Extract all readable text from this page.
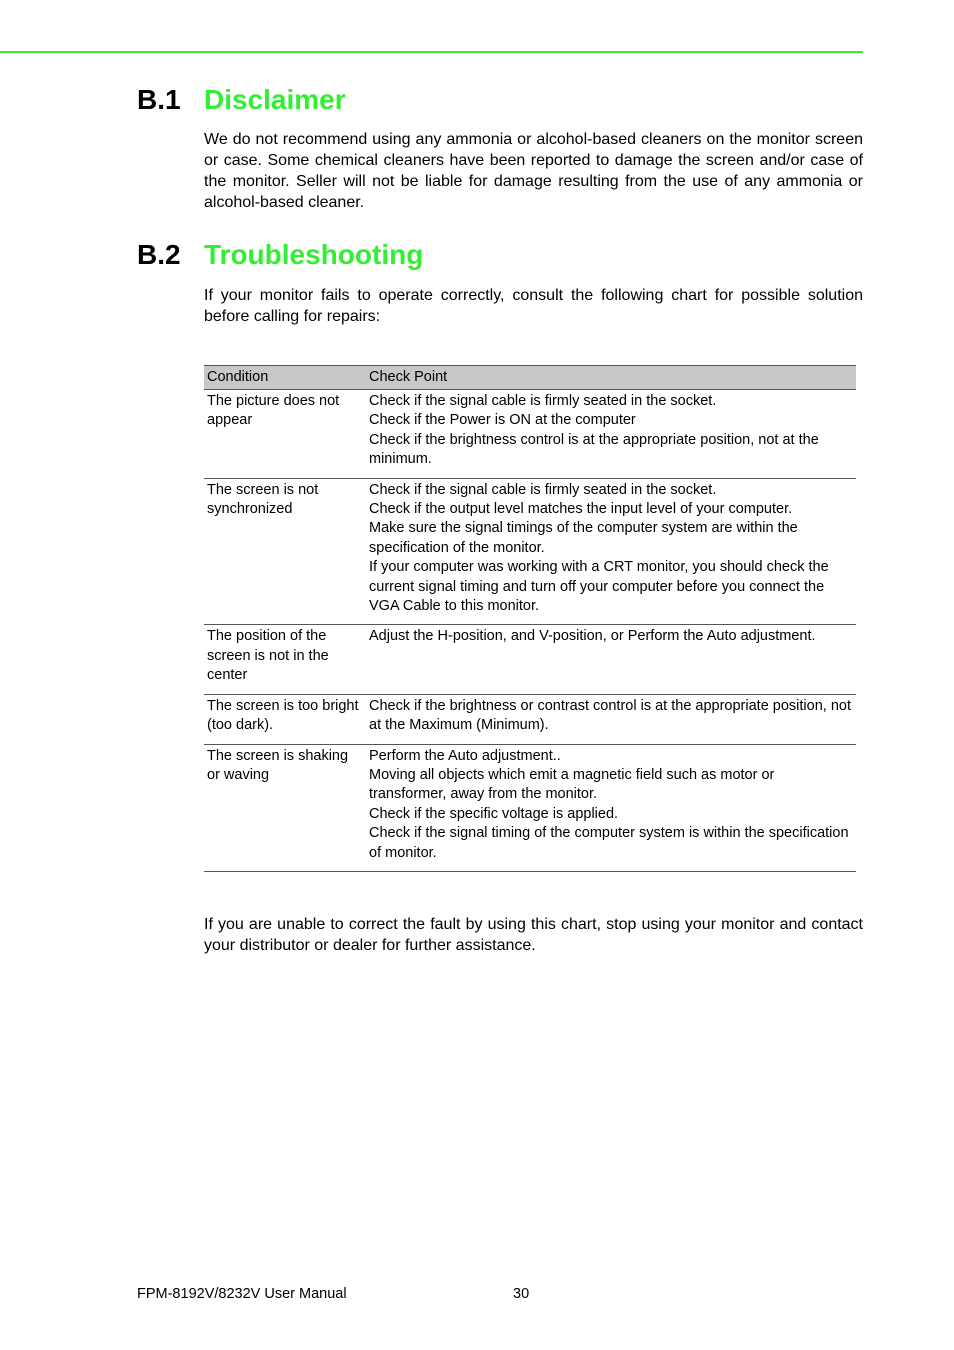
B.1 Disclaimer

We do not recommend using any ammonia or alcohol-based cleaners on the monitor screen or case. Some chemical cleaners have been reported to damage the screen and/or case of the monitor. Seller will not be liable for damage resulting from the use of any ammonia or alcohol-based cleaner.

B.2 Troubleshooting

If your monitor fails to operate correctly, consult the following chart for possible solution before calling for repairs:

Condition	Check Point
The picture does not appear	Check if the signal cable is firmly seated in the socket.
Check if the Power is ON at the computer
Check if the brightness control is at the appropriate position, not at the minimum.

The screen is not synchronized	Check if the signal cable is firmly seated in the socket.
Check if the output level matches the input level of your computer.
Make sure the signal timings of the computer system are within the specification of the monitor.
If your computer was working with a CRT monitor, you should check the current signal timing and turn off your computer before you connect the VGA Cable to this monitor.

The position of the screen is not in the center	Adjust the H-position, and V-position, or Perform the Auto adjustment.

The screen is too bright (too dark).	Check if the brightness or contrast control is at the appropriate position, not at the Maximum (Minimum).

The screen is shaking or waving	Perform the Auto adjustment..
Moving all objects which emit a magnetic field such as motor or transformer, away from the monitor.
Check if the specific voltage is applied.
Check if the signal timing of the computer system is within the specification of monitor.

If you are unable to correct the fault by using this chart, stop using your monitor and contact your distributor or dealer for further assistance.

FPM-8192V/8232V User Manual	30
